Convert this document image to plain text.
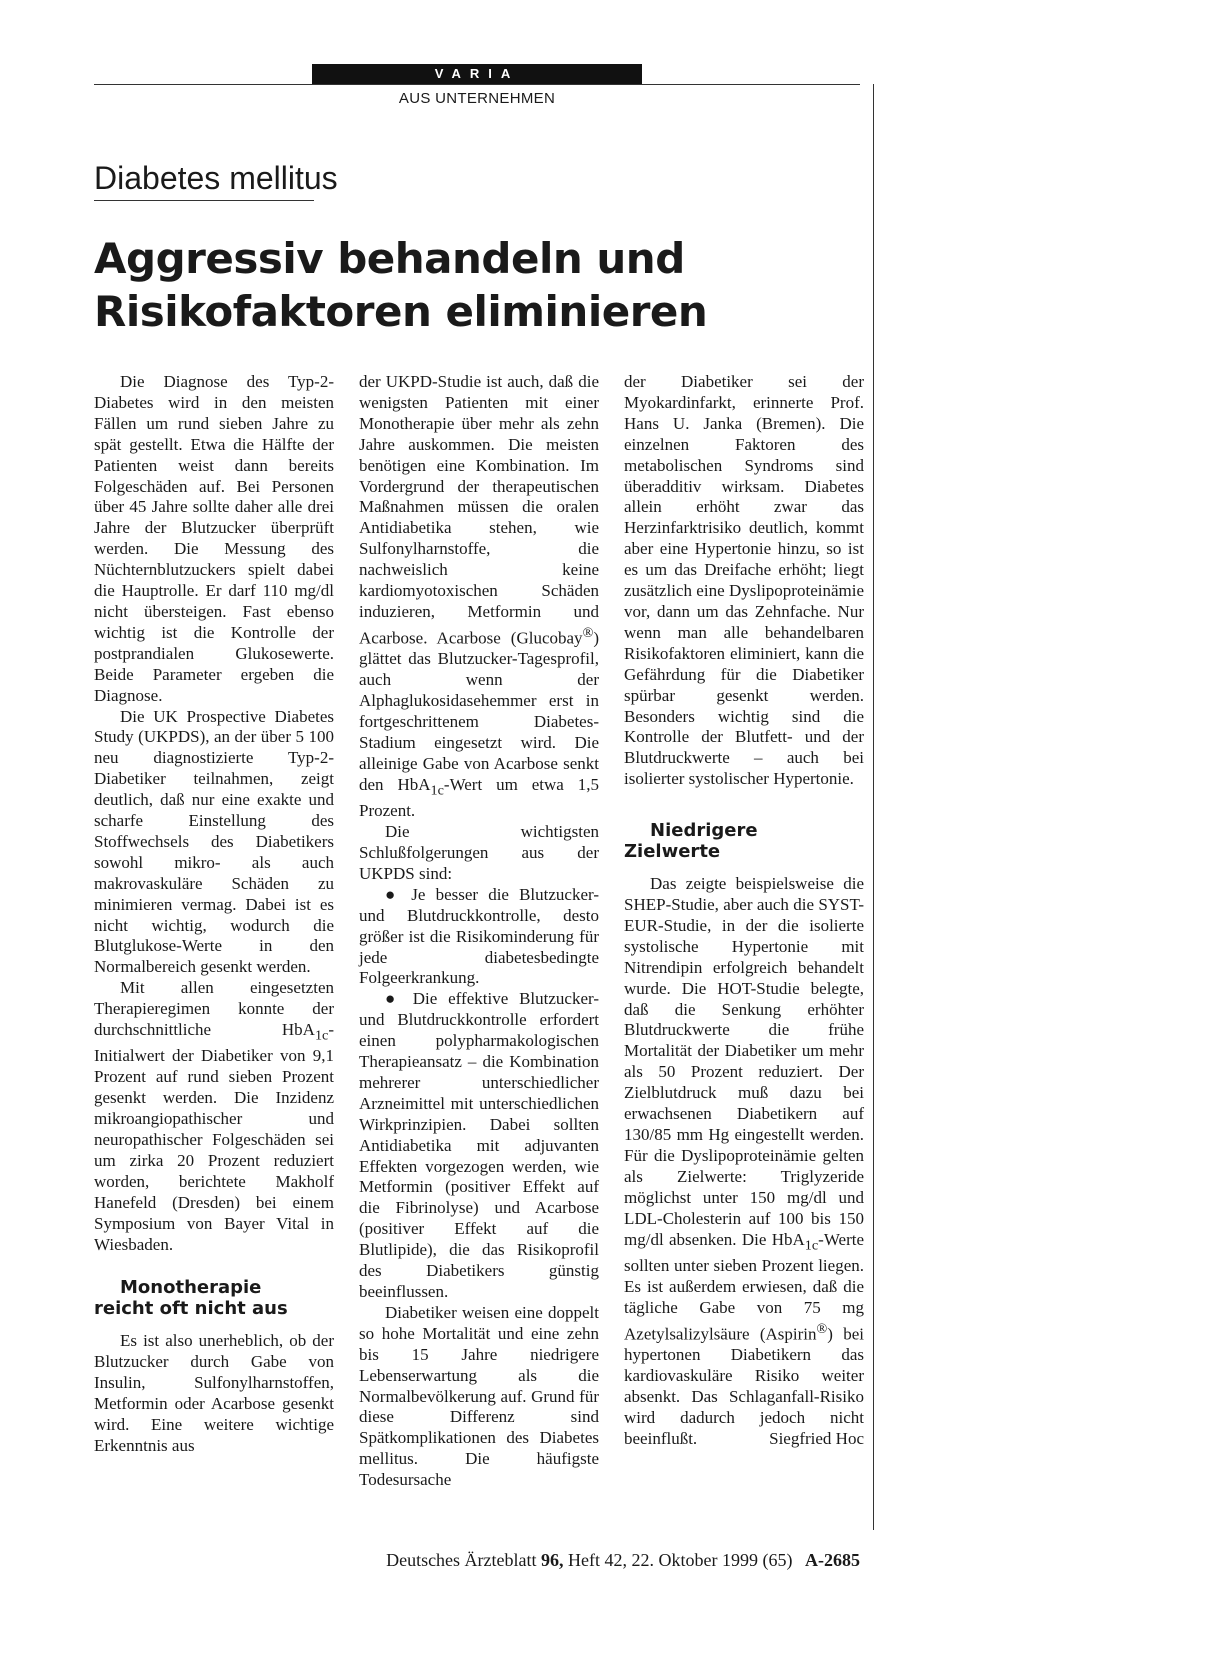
VARIA
AUS UNTERNEHMEN
Diabetes mellitus
Aggressiv behandeln und
Risikofaktoren eliminieren

Die Diagnose des Typ-2-Diabetes wird in den meisten Fällen um rund sieben Jahre zu spät gestellt. Etwa die Hälfte der Patienten weist dann bereits Folgeschäden auf. Bei Personen über 45 Jahre sollte daher alle drei Jahre der Blutzucker überprüft werden. Die Messung des Nüchternblutzuckers spielt dabei die Hauptrolle. Er darf 110 mg/dl nicht übersteigen. Fast ebenso wichtig ist die Kontrolle der postprandialen Glukosewerte. Beide Parameter ergeben die Diagnose.

Die UK Prospective Diabetes Study (UKPDS), an der über 5 100 neu diagnostizierte Typ-2-Diabetiker teilnahmen, zeigt deutlich, daß nur eine exakte und scharfe Einstellung des Stoffwechsels des Diabetikers sowohl mikro- als auch makrovaskuläre Schäden zu minimieren vermag. Dabei ist es nicht wichtig, wodurch die Blutglukose-Werte in den Normalbereich gesenkt werden.

Mit allen eingesetzten Therapieregimen konnte der durchschnittliche HbA$_{1c}$-Initialwert der Diabetiker von 9,1 Prozent auf rund sieben Prozent gesenkt werden. Die Inzidenz mikroangiopathischer und neuropathischer Folgeschäden sei um zirka 20 Prozent reduziert worden, berichtete Makholf Hanefeld (Dresden) bei einem Symposium von Bayer Vital in Wiesbaden.

Monotherapie
reicht oft nicht aus

Es ist also unerheblich, ob der Blutzucker durch Gabe von Insulin, Sulfonylharnstoffen, Metformin oder Acarbose gesenkt wird. Eine weitere wichtige Erkenntnis aus

der UKPD-Studie ist auch, daß die wenigsten Patienten mit einer Monotherapie über mehr als zehn Jahre auskommen. Die meisten benötigen eine Kombination. Im Vordergrund der therapeutischen Maßnahmen müssen die oralen Antidiabetika stehen, wie Sulfonylharnstoffe, die nachweislich keine kardiomyotoxischen Schäden induzieren, Metformin und Acarbose. Acarbose (Glucobay®) glättet das Blutzucker-Tagesprofil, auch wenn der Alphaglukosidasehemmer erst in fortgeschrittenem Diabetes-Stadium eingesetzt wird. Die alleinige Gabe von Acarbose senkt den HbA$_{1c}$-Wert um etwa 1,5 Prozent.

Die wichtigsten Schlußfolgerungen aus der UKPDS sind:

● Je besser die Blutzucker- und Blutdruckkontrolle, desto größer ist die Risikominderung für jede diabetesbedingte Folgeerkrankung.

● Die effektive Blutzucker- und Blutdruckkontrolle erfordert einen polypharmakologischen Therapieansatz – die Kombination mehrerer unterschiedlicher Arzneimittel mit unterschiedlichen Wirkprinzipien. Dabei sollten Antidiabetika mit adjuvanten Effekten vorgezogen werden, wie Metformin (positiver Effekt auf die Fibrinolyse) und Acarbose (positiver Effekt auf die Blutlipide), die das Risikoprofil des Diabetikers günstig beeinflussen.

Diabetiker weisen eine doppelt so hohe Mortalität und eine zehn bis 15 Jahre niedrigere Lebenserwartung als die Normalbevölkerung auf. Grund für diese Differenz sind Spätkomplikationen des Diabetes mellitus. Die häufigste Todesursache

der Diabetiker sei der Myokardinfarkt, erinnerte Prof. Hans U. Janka (Bremen). Die einzelnen Faktoren des metabolischen Syndroms sind überadditiv wirksam. Diabetes allein erhöht zwar das Herzinfarktrisiko deutlich, kommt aber eine Hypertonie hinzu, so ist es um das Dreifache erhöht; liegt zusätzlich eine Dyslipoproteinämie vor, dann um das Zehnfache. Nur wenn man alle behandelbaren Risikofaktoren eliminiert, kann die Gefährdung für die Diabetiker spürbar gesenkt werden. Besonders wichtig sind die Kontrolle der Blutfett- und der Blutdruckwerte – auch bei isolierter systolischer Hypertonie.

Niedrigere
Zielwerte

Das zeigte beispielsweise die SHEP-Studie, aber auch die SYST-EUR-Studie, in der die isolierte systolische Hypertonie mit Nitrendipin erfolgreich behandelt wurde. Die HOT-Studie belegte, daß die Senkung erhöhter Blutdruckwerte die frühe Mortalität der Diabetiker um mehr als 50 Prozent reduziert. Der Zielblutdruck muß dazu bei erwachsenen Diabetikern auf 130/85 mm Hg eingestellt werden. Für die Dyslipoproteinämie gelten als Zielwerte: Triglyzeride möglichst unter 150 mg/dl und LDL-Cholesterin auf 100 bis 150 mg/dl absenken. Die HbA$_{1c}$-Werte sollten unter sieben Prozent liegen. Es ist außerdem erwiesen, daß die tägliche Gabe von 75 mg Azetylsalizylsäure (Aspirin®) bei hypertonen Diabetikern das kardiovaskuläre Risiko weiter absenkt. Das Schlaganfall-Risiko wird dadurch jedoch nicht beeinflußt.	Siegfried Hoc

Deutsches Ärzteblatt 96, Heft 42, 22. Oktober 1999 (65) A-2685
